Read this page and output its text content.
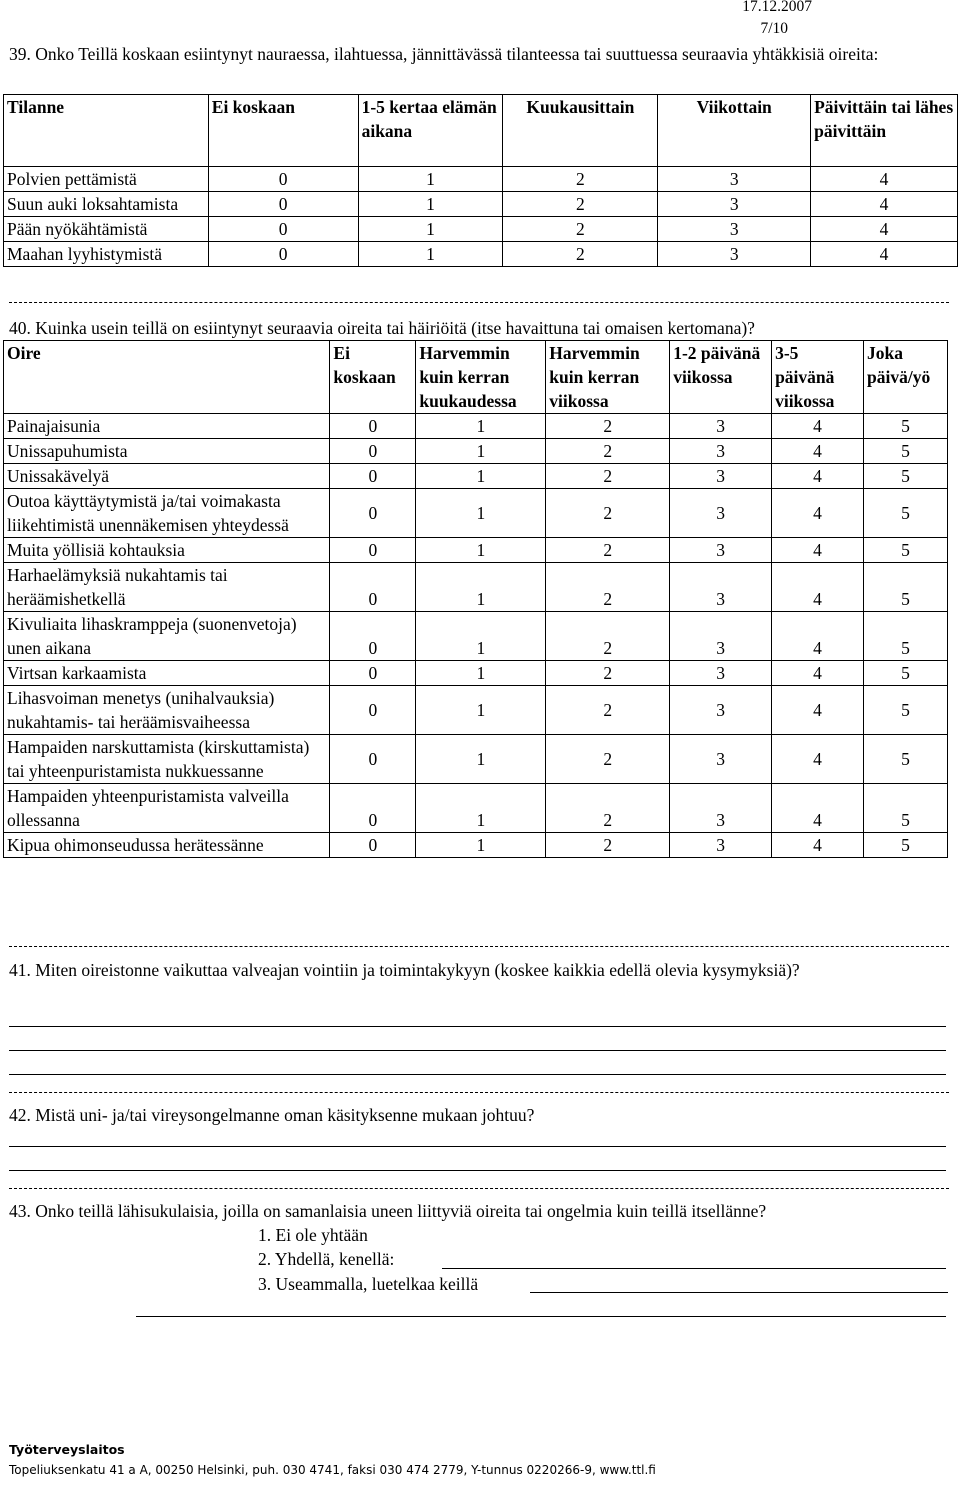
17.12.2007
7/10
39. Onko Teillä koskaan esiintynyt nauraessa, ilahtuessa, jännittävässä tilanteessa tai suuttuessa seuraavia yhtäkkisiä oireita:
Tilanne	Ei koskaan	1-5 kertaa elämän aikana	Kuukausittain	Viikottain	Päivittäin tai lähes päivittäin
Polvien pettämistä	0	1	2	3	4
Suun auki loksahtamista	0	1	2	3	4
Pään nyökähtämistä	0	1	2	3	4
Maahan lyyhistymistä	0	1	2	3	4
40. Kuinka usein teillä on esiintynyt seuraavia oireita tai häiriöitä (itse havaittuna tai omaisen kertomana)?
Oire	Ei koskaan	Harvemmin kuin kerran kuukaudessa	Harvemmin kuin kerran viikossa	1-2 päivänä viikossa	3-5 päivänä viikossa	Joka päivä/yö
Painajaisunia	0	1	2	3	4	5
Unissapuhumista	0	1	2	3	4	5
Unissakävelyä	0	1	2	3	4	5
Outoa käyttäytymistä ja/tai voimakasta liikehtimistä unennäkemisen yhteydessä	0	1	2	3	4	5
Muita yöllisiä kohtauksia	0	1	2	3	4	5
Harhaelämyksiä nukahtamis tai heräämishetkellä	0	1	2	3	4	5
Kivuliaita lihaskramppeja (suonenvetoja) unen aikana	0	1	2	3	4	5
Virtsan karkaamista	0	1	2	3	4	5
Lihasvoiman menetys (unihalvauksia) nukahtamis- tai heräämisvaiheessa	0	1	2	3	4	5
Hampaiden narskuttamista (kirskuttamista) tai yhteenpuristamista nukkuessanne	0	1	2	3	4	5
Hampaiden yhteenpuristamista valveilla ollessanna	0	1	2	3	4	5
Kipua ohimonseudussa herätessänne	0	1	2	3	4	5
41. Miten oireistonne vaikuttaa valveajan vointiin ja toimintakykyyn (koskee kaikkia edellä olevia kysymyksiä)?
42. Mistä uni- ja/tai vireysongelmanne oman käsityksenne mukaan johtuu?
43. Onko teillä lähisukulaisia, joilla on samanlaisia uneen liittyviä oireita tai ongelmia kuin teillä itsellänne?
1. Ei ole yhtään
2. Yhdellä, kenellä:
3. Useammalla, luetelkaa keillä
Työterveyslaitos
Topeliuksenkatu 41 a A, 00250 Helsinki, puh. 030 4741, faksi 030 474 2779, Y-tunnus 0220266-9, www.ttl.fi
